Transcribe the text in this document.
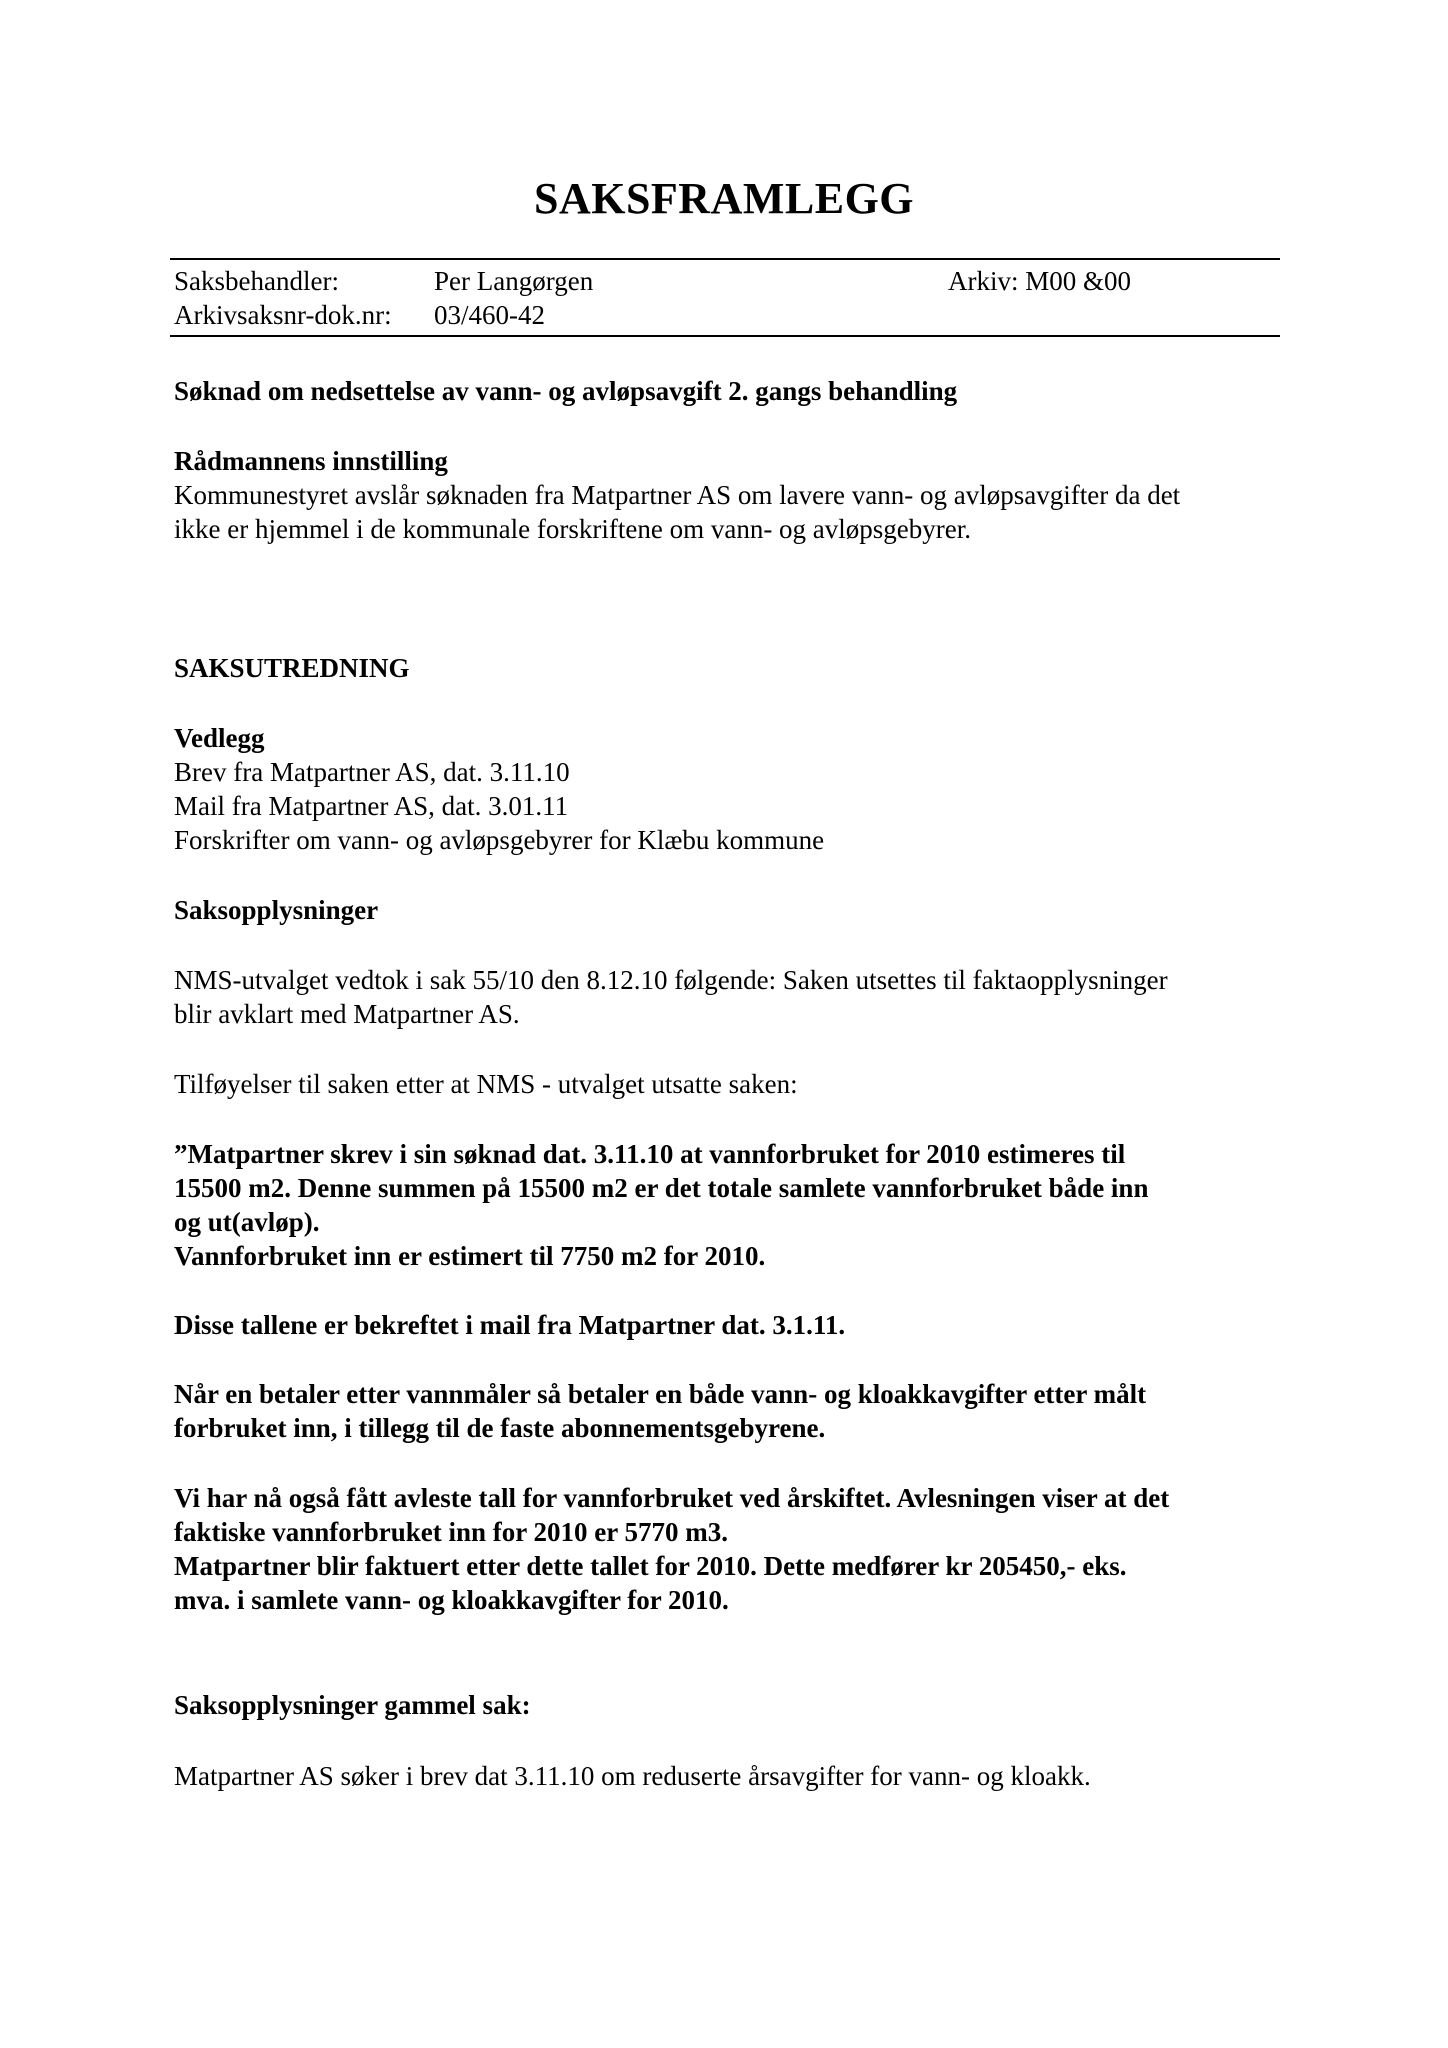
SAKSFRAMLEGG
Saksbehandler:	Per Langørgen	Arkiv: M00 &00
Arkivsaksnr-dok.nr: 03/460-42
Søknad om nedsettelse av vann- og avløpsavgift 2. gangs behandling
Rådmannens innstilling
Kommunestyret avslår søknaden fra Matpartner AS om lavere vann- og avløpsavgifter da det
ikke er hjemmel i de kommunale forskriftene om vann- og avløpsgebyrer.
SAKSUTREDNING
Vedlegg
Brev fra Matpartner AS, dat. 3.11.10
Mail fra Matpartner AS, dat. 3.01.11
Forskrifter om vann- og avløpsgebyrer for Klæbu kommune
Saksopplysninger
NMS-utvalget vedtok i sak 55/10 den 8.12.10 følgende: Saken utsettes til faktaopplysninger
blir avklart med Matpartner AS.
Tilføyelser til saken etter at NMS - utvalget utsatte saken:
”Matpartner skrev i sin søknad dat. 3.11.10 at vannforbruket for 2010 estimeres til
15500 m2. Denne summen på 15500 m2 er det totale samlete vannforbruket både inn
og ut(avløp).
Vannforbruket inn er estimert til 7750 m2 for 2010.
Disse tallene er bekreftet i mail fra Matpartner dat. 3.1.11.
Når en betaler etter vannmåler så betaler en både vann- og kloakkavgifter etter målt
forbruket inn, i tillegg til de faste abonnementsgebyrene.
Vi har nå også fått avleste tall for vannforbruket ved årskiftet. Avlesningen viser at det
faktiske vannforbruket inn for 2010 er 5770 m3.
Matpartner blir faktuert etter dette tallet for 2010. Dette medfører kr 205450,- eks.
mva. i samlete vann- og kloakkavgifter for 2010.
Saksopplysninger gammel sak:
Matpartner AS søker i brev dat 3.11.10 om reduserte årsavgifter for vann- og kloakk.
